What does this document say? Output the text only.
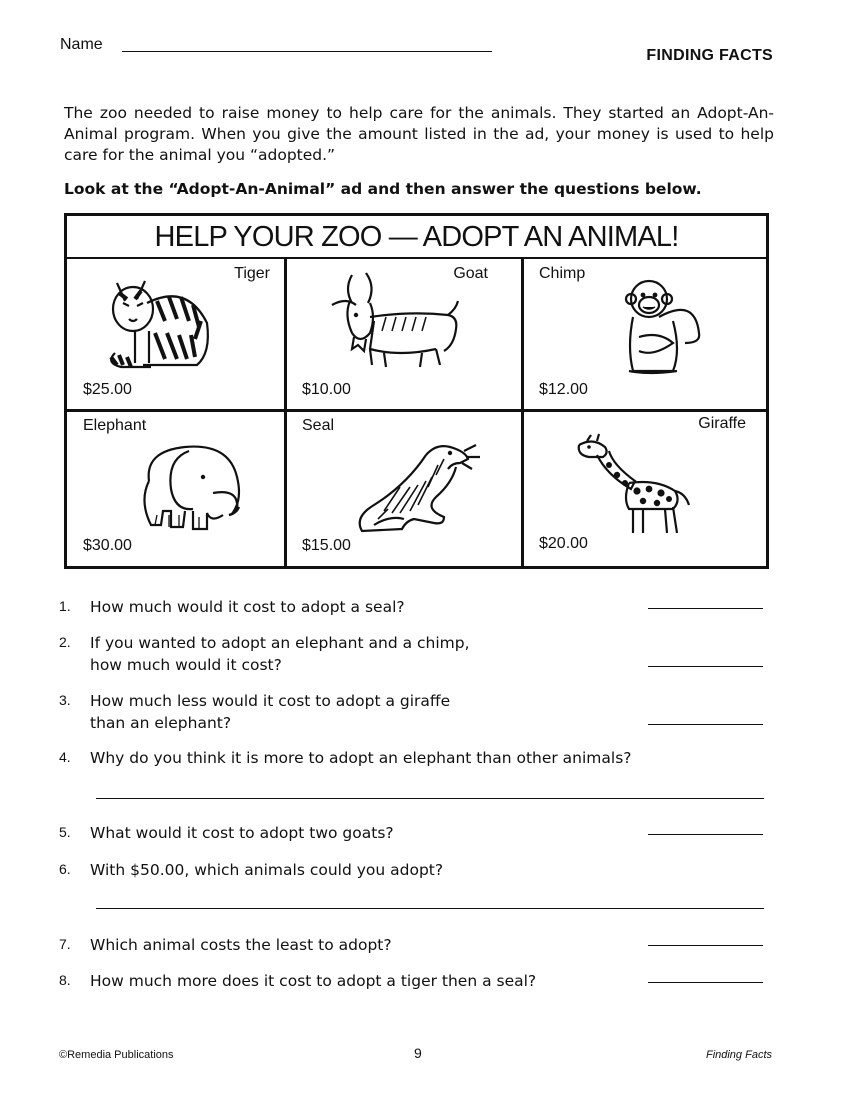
Name
FINDING FACTS
The zoo needed to raise money to help care for the animals. They started an Adopt-An-Animal program. When you give the amount listed in the ad, your money is used to help care for the animal you “adopted.”
Look at the “Adopt-An-Animal” ad and then answer the questions below.
HELP YOUR ZOO — ADOPT AN ANIMAL!
Tiger
$25.00
Goat
$10.00
Chimp
$12.00
Elephant
$30.00
Seal
$15.00
Giraffe
$20.00
1. How much would it cost to adopt a seal?
2. If you wanted to adopt an elephant and a chimp,
how much would it cost?
3. How much less would it cost to adopt a giraffe
than an elephant?
4. Why do you think it is more to adopt an elephant than other animals?
5. What would it cost to adopt two goats?
6. With $50.00, which animals could you adopt?
7. Which animal costs the least to adopt?
8. How much more does it cost to adopt a tiger then a seal?
©Remedia Publications	9	Finding Facts
